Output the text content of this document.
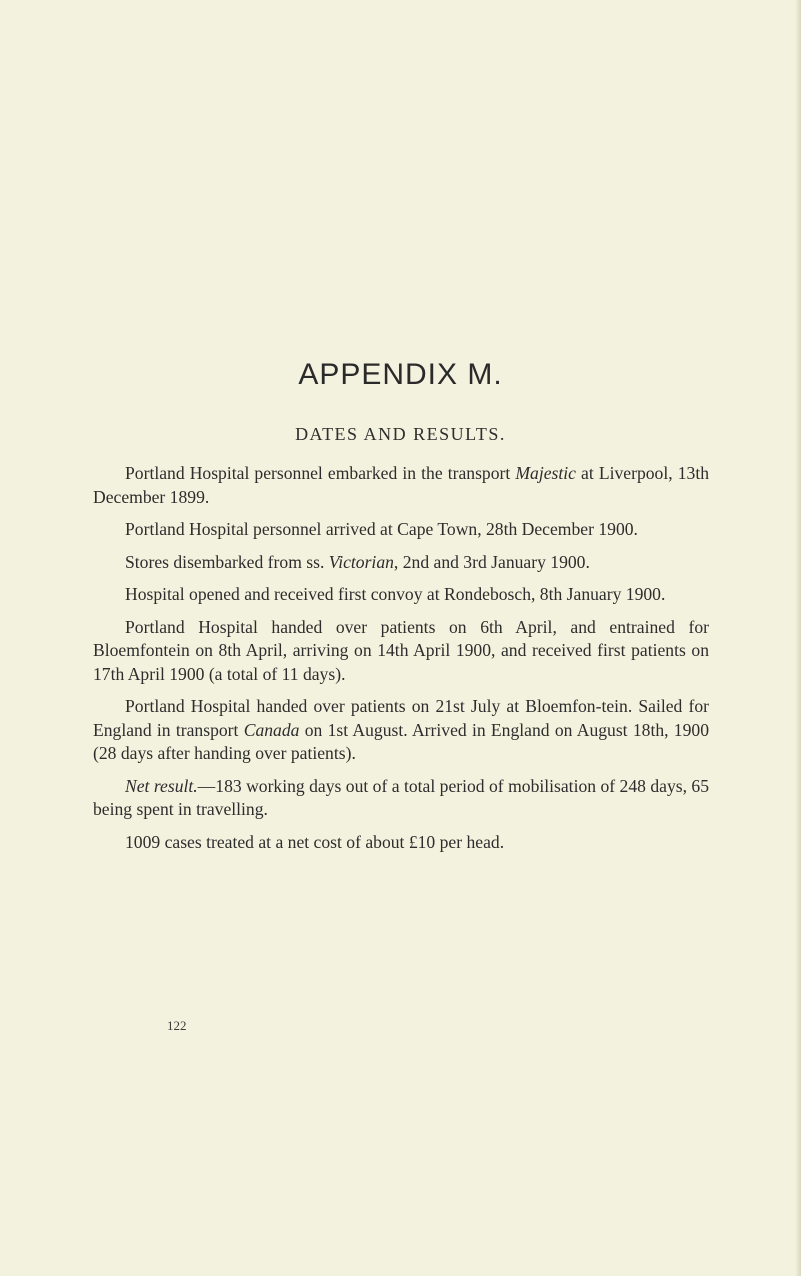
APPENDIX M.
DATES AND RESULTS.

Portland Hospital personnel embarked in the transport Majestic at Liverpool, 13th December 1899.

Portland Hospital personnel arrived at Cape Town, 28th December 1900.

Stores disembarked from ss. Victorian, 2nd and 3rd January 1900.

Hospital opened and received first convoy at Rondebosch, 8th January 1900.

Portland Hospital handed over patients on 6th April, and entrained for Bloemfontein on 8th April, arriving on 14th April 1900, and received first patients on 17th April 1900 (a total of 11 days).

Portland Hospital handed over patients on 21st July at Bloemfon-tein. Sailed for England in transport Canada on 1st August. Arrived in England on August 18th, 1900 (28 days after handing over patients).

Net result.—183 working days out of a total period of mobilisation of 248 days, 65 being spent in travelling.

1009 cases treated at a net cost of about £10 per head.

122
